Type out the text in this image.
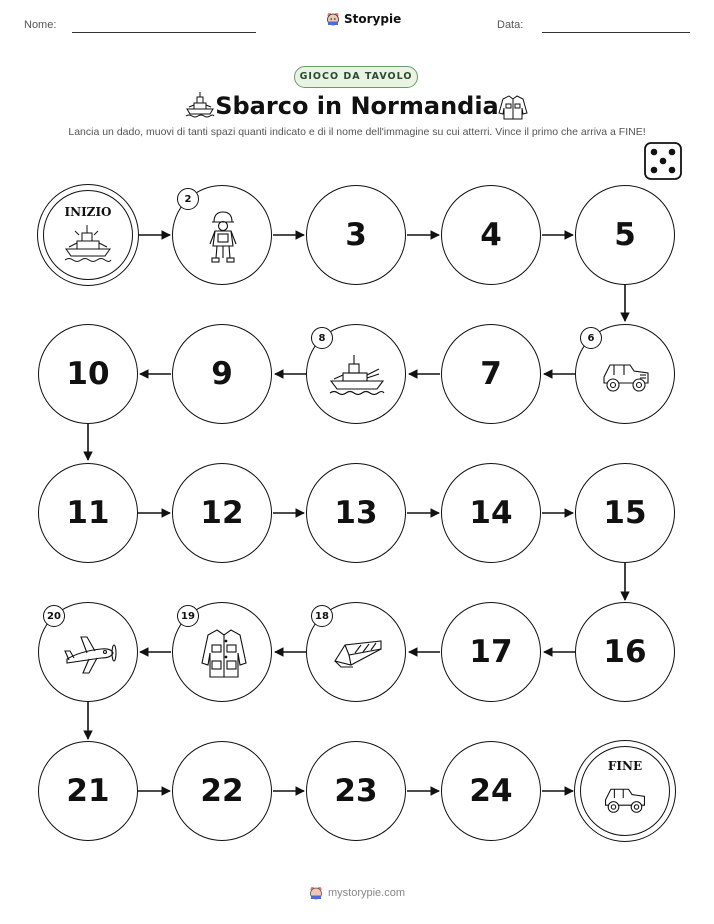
Nome:	Storypie	Data:
GIOCO DA TAVOLO
Sbarco in Normandia
Lancia un dado, muovi di tanti spazi quanti indicato e di il nome dell'immagine su cui atterri. Vince il primo che arriva a FINE!
INIZIO
2
3	4	5
10	9
8
7
6
11	12	13	14	15
20	19	18
17	16
21	22	23	24
FINE
mystorypie.com
